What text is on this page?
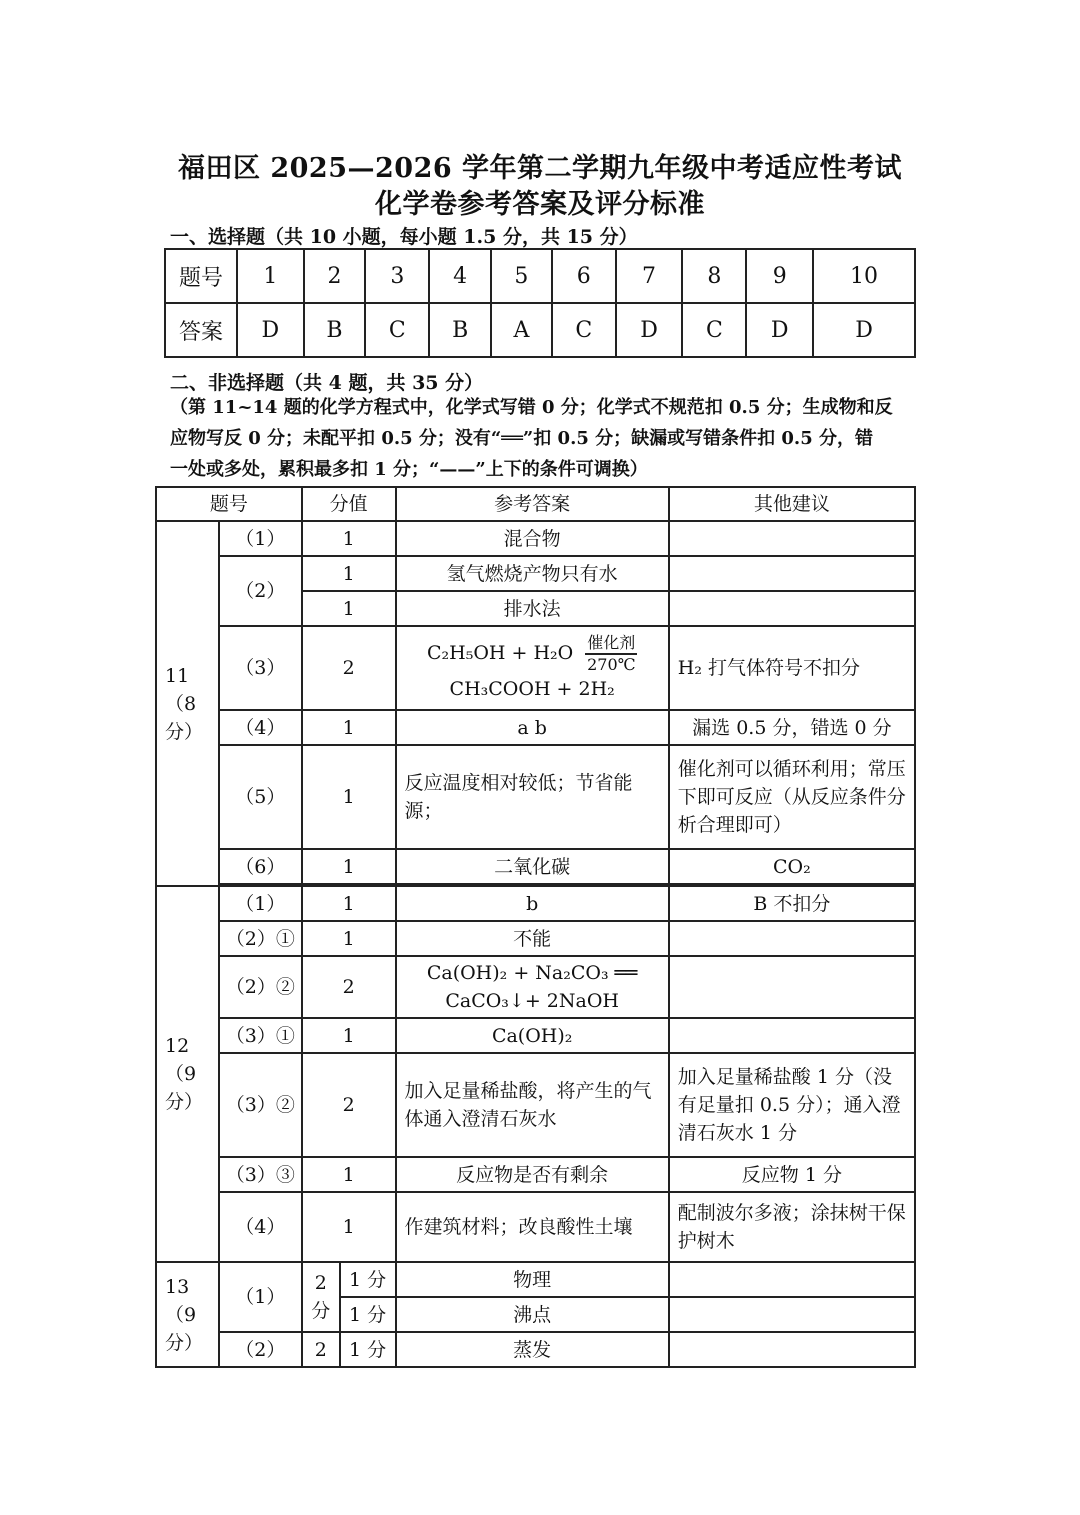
福田区 2025—2026 学年第二学期九年级中考适应性考试
化学卷参考答案及评分标准
一、选择题（共 10 小题，每小题 1.5 分，共 15 分）
题号	1	2	3	4	5	6	7	8	9	10
答案	D	B	C	B	A	C	D	C	D	D
二、非选择题（共 4 题，共 35 分）
（第 11~14 题的化学方程式中，化学式写错 0 分；化学式不规范扣 0.5 分；生成物和反
应物写反 0 分；未配平扣 0.5 分；没有“══”扣 0.5 分；缺漏或写错条件扣 0.5 分，错
一处或多处，累积最多扣 1 分；“——”上下的条件可调换）
题号		分值		参考答案	其他建议
11（8 分）	（1）	1		混合物	
	（2）	1		氢气燃烧产物只有水	
		1		排水法	
	（3）	2		$C_2H_5OH + H_2O \frac{\text{催化剂}}{270℃}$
CH₃COOH + 2H₂	H₂ 打气体符号不扣分
	（4）	1		a b	漏选 0.5 分，错选 0 分
	（5）	1		反应温度相对较低；节省能源；	催化剂可以循环利用；常压下即可反应（从反应条件分析合理即可）
	（6）	1		二氧化碳	CO₂

12（9 分）	（1）	1		b	B 不扣分
	（2）①	1		不能	
	（2）②	2		Ca(OH)₂ + Na₂CO₃ ══
CaCO₃↓+ 2NaOH	

	（3）①	1		Ca(OH)₂	
	（3）②	2		加入足量稀盐酸，将产生的气体通入澄清石灰水	加入足量稀盐酸 1 分（没有足量扣 0.5 分）；通入澄清石灰水 1 分
	（3）③	1		反应物是否有剩余	反应物 1 分
	（4）	1		作建筑材料；改良酸性土壤	配制波尔多液；涂抹树干保护树木
13（9 分）	（1）	2 分	1 分	物理	
			1 分	沸点	
	（2）	2	1 分	蒸发	
